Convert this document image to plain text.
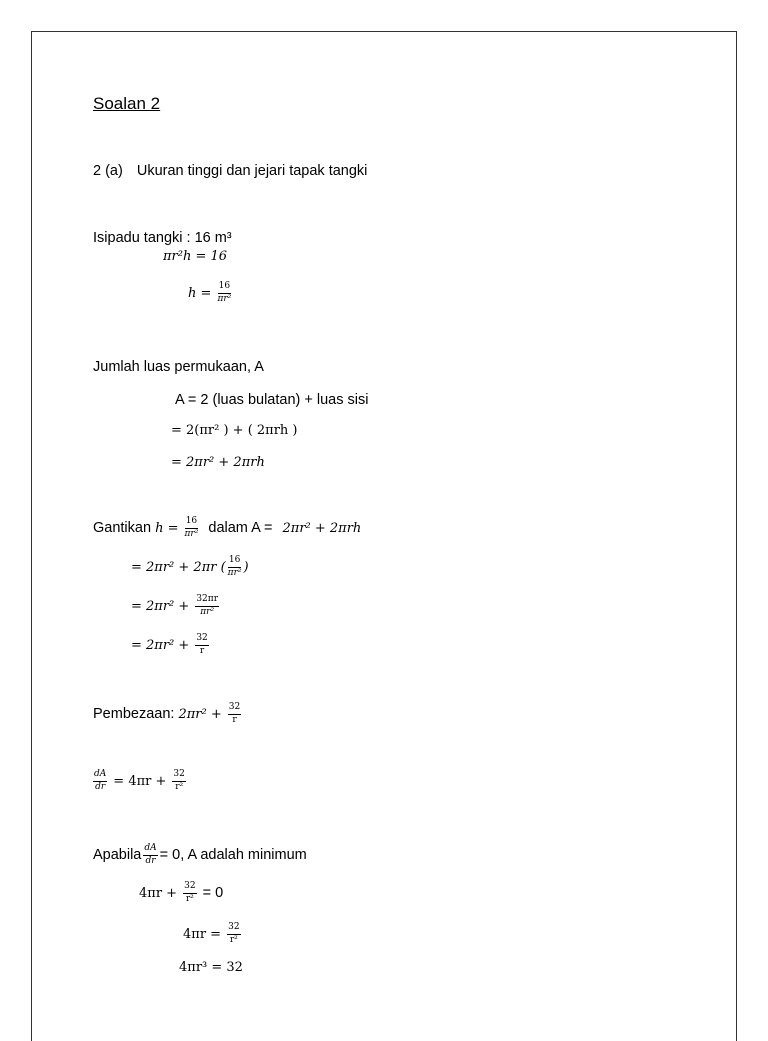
Soalan 2
2 (a) Ukuran tinggi dan jejari tapak tangki
Isipadu tangki : 16 m³
πr²h = 16
$h = \frac{16}{\text{πr²}}$
Jumlah luas permukaan, A
A = 2 (luas bulatan) + luas sisi
= 2(πr² ) + ( 2πrh )
= 2πr² + 2πrh
Gantikan $h = \frac{16}{\text{πr²}}$ dalam A = 2πr² + 2πrh
= 2πr² + 2πr ( $\frac{16}{\text{πr²}}$ )
= $2\pi r^2 + \frac{32\pi r}{\text{πr²}}$
= $2\pi r^2 + \frac{32}{r}$
Pembezaan: $2\pi r^2 + \frac{32}{r}$
$\frac{dA}{dr} = 4\pi r + \frac{32}{\text{r²}}$
Apabila $\frac{dA}{dr} = 0$, A adalah minimum
$4\pi r + \frac{32}{\text{r²}} = 0$
$4\pi r = \frac{32}{\text{r²}}$
4πr³ = 32
